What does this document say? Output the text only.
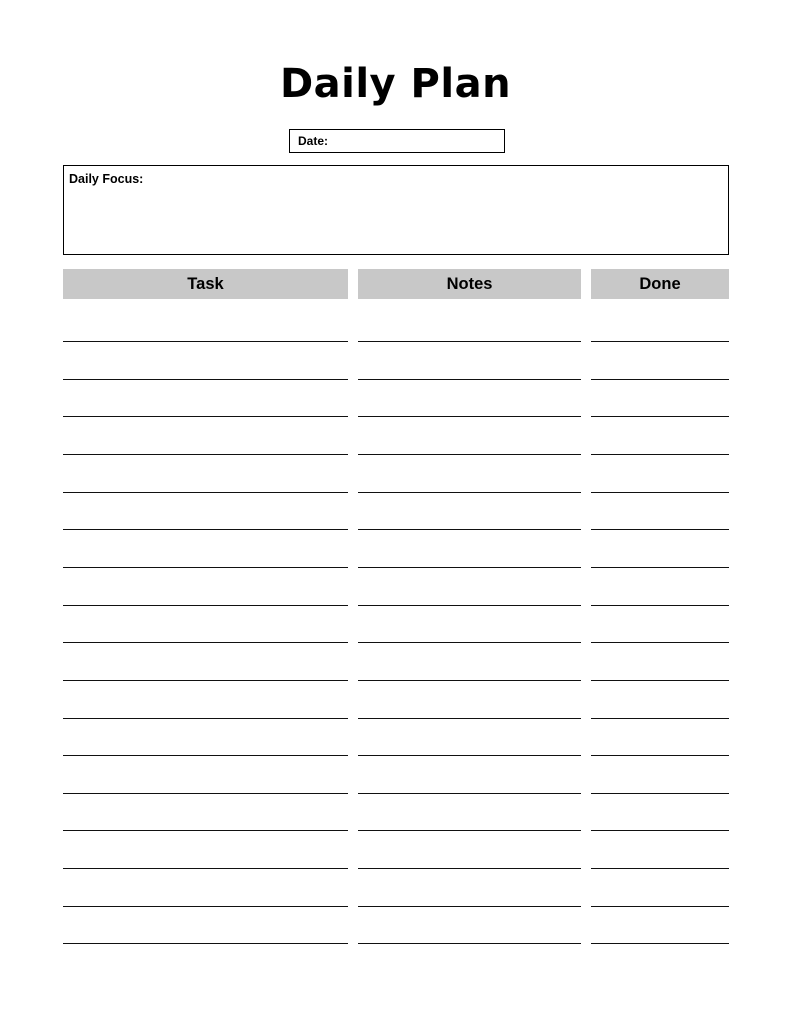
Daily Plan
Date:
Daily Focus:
Task	Notes	Done
